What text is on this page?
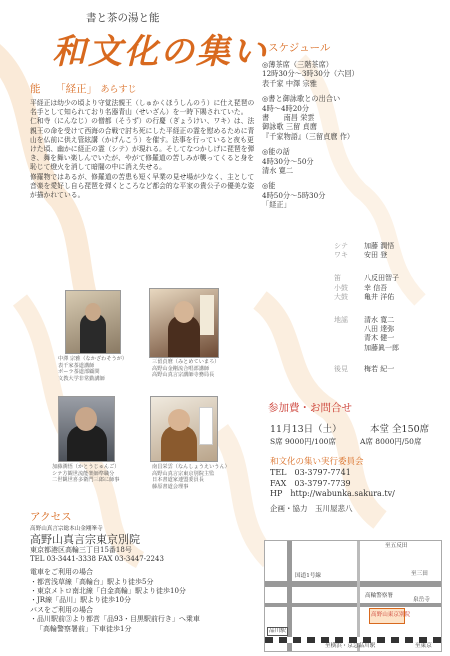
書と茶の湯と能
和文化の集い
能 「経正」 あらすじ
平経正は幼少の頃より守覚法親王（しゅかくほうしんのう）に仕え琵琶の名手として知られており名器青山（せいざん）を一時下賜されていた。
仁和寺（にんなじ）の僧都（そうず）の行慶（ぎょうけい、ワキ）は、法親王の命を受けて西海の合戦で討ち死にした平経正の霊を慰めるために青山を仏前に供え管絃講（かげんこう）を催す。法事を行っていると夜も更けた頃、幽かに経正の霊（シテ）が現れる。そしてなつかしげに琵琶を弾き、舞を舞い楽しんでいたが、やがて修羅道の苦しみが襲ってくると身を恥じて燈火を消して暗闇の中に消え失せる。
修羅物ではあるが、修羅道の苦患も短く早業の見せ場が少なく、主として音楽を愛好し自ら琵琶を弾くところなど都会的な平家の貴公子の優美な姿が描かれている。
中澤 宗雅（なかざわそうが）
表千家茶道講師
ボーラ茶道部顧問
文教大学非常勤講師
三留貞麿（みとめていまろ）
高野山金剛流合唱部講師
高野山真言宗講師寺務局長
加藤潤悟（かとうじゅんご）
シテ方観世流能楽師準職分
二世観世喜多衛門三郎に師事
南昌栄雲（なんしょうえいうん）
高野山真言宗東京別院主監
日本書道家連盟委員長
藤原書道会理事
アクセス
高野山真言宗総本山金剛峯寺
高野山真言宗東京別院
東京都港区高輪三丁目15番18号
TEL 03-3441-3338 FAX 03-3447-2243
電車をご利用の場合
・都営浅草線「高輪台」駅より徒歩5分
・東京メトロ南北線「白金高輪」駅より徒歩10分
・JR線「品川」駅より徒歩10分
バスをご利用の場合
・品川駅前③より都営「品93・目黒駅前行き」へ乗車
「高輪警察署前」下車徒歩1分
スケジュール
◎薄茶席（三階茶席）
12時30分〜3時30分（六回）
表千家 中澤 宗雅
◎書と御詠歌との出合い
4時〜4時20分
書　　南昌 栄雲
御詠歌 三留 貞麿
『千家物語』（三留貞麿 作）
◎能の話
4時30分〜50分
清水 寛二
◎能
4時50分〜5時30分
「経正」
シテ	加藤 潤悟
ワキ	安田 登
笛	八反田智子
小鼓	幸 信吾
大鼓	亀井 洋佑
地謡	清水 寛二
八田 達弥
青木 健一
加藤眞一郎
後見	梅若 紀一
参加費・お問合せ
11月13日（土）	本堂 全150席
S席 9000円/100席	A席 8000円/50席
和文化の集い実行委員会
TEL　03-3797-7741
FAX　03-3797-7739
HP　http://wabunka.sakura.tv/
企画・協力　玉川屋悲八
至五反田
至三田
品川駅
至横浜・京急品川駅	至東京
高輪警察署
国道1号線
高野山東京別院
泉岳寺
